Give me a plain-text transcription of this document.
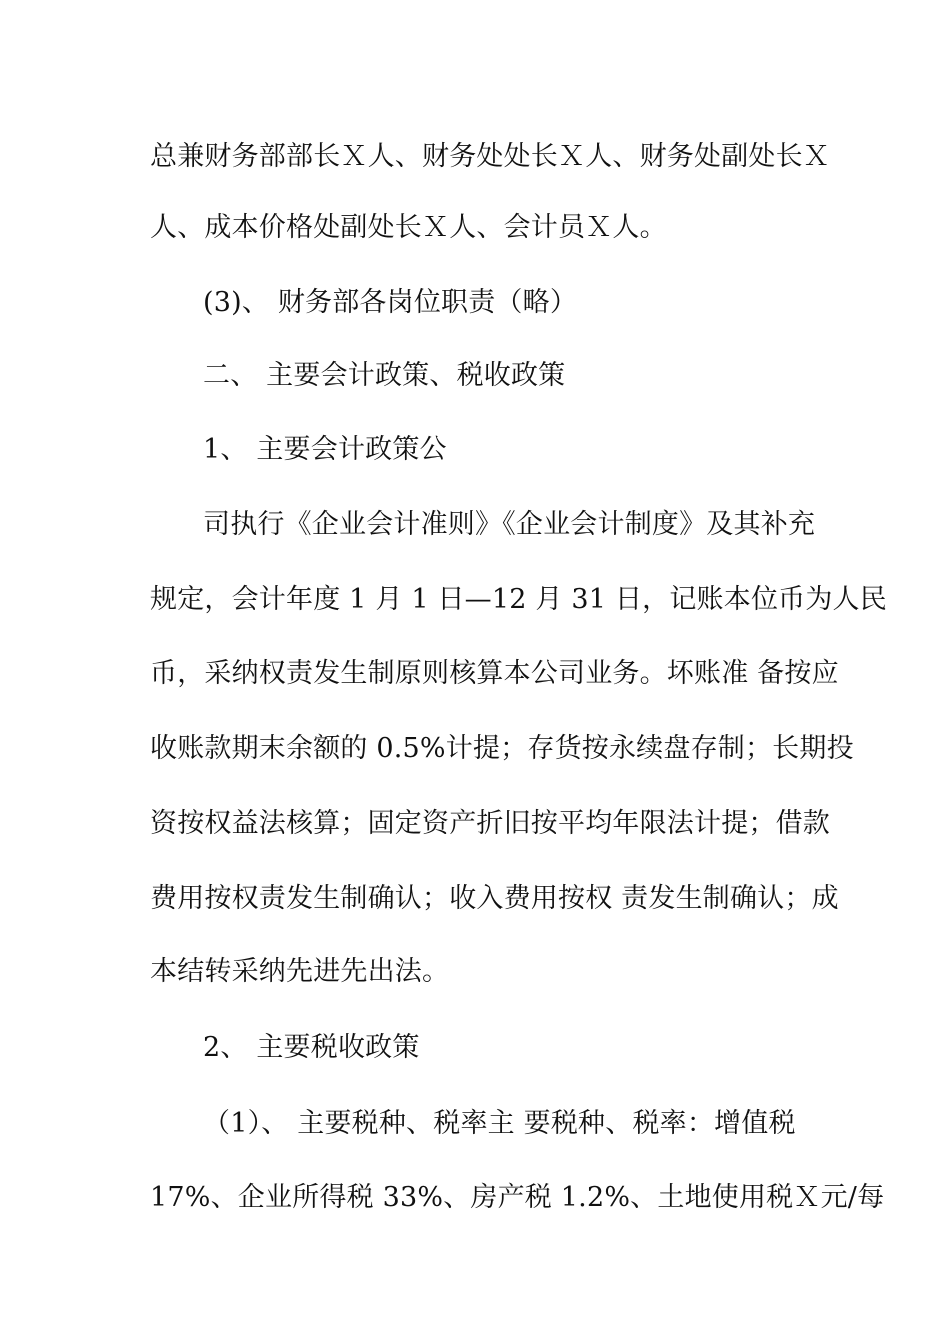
总兼财务部部长Ｘ人、财务处处长Ｘ人、财务处副处长Ｘ
人、成本价格处副处长Ｘ人、会计员Ｘ人。
(3)、 财务部各岗位职责（略）
二、 主要会计政策、税收政策
1、 主要会计政策公
司执行《企业会计准则》《企业会计制度》及其补充
规定，会计年度 1 月 1 日—12 月 31 日，记账本位币为人民
币，采纳权责发生制原则核算本公司业务。坏账准 备按应
收账款期末余额的 0.5%计提；存货按永续盘存制；长期投
资按权益法核算；固定资产折旧按平均年限法计提；借款
费用按权责发生制确认；收入费用按权 责发生制确认；成
本结转采纳先进先出法。
2、 主要税收政策
（1）、 主要税种、税率主 要税种、税率：增值税
17%、企业所得税 33%、房产税 1.2%、土地使用税Ｘ元/每
